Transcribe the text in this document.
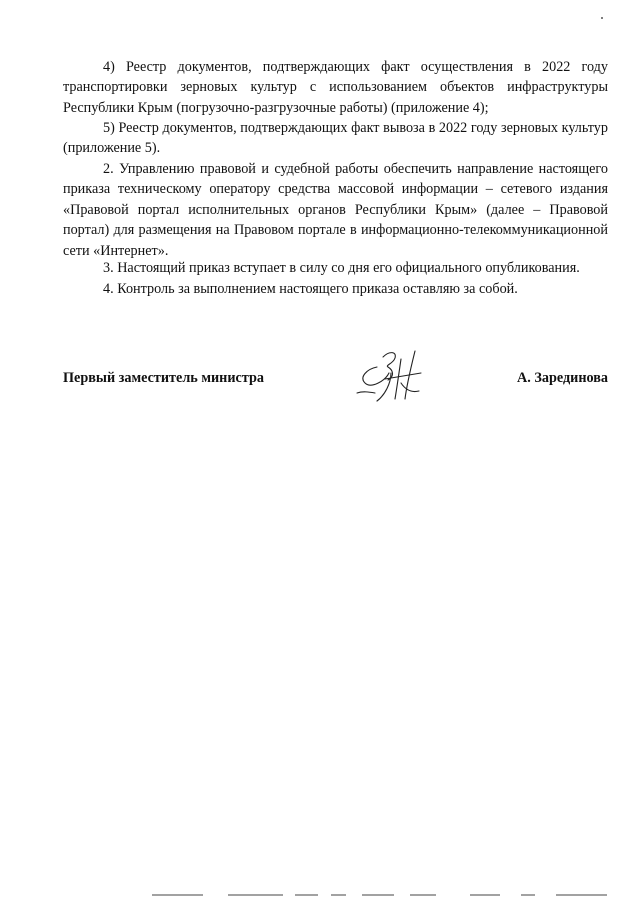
4) Реестр документов, подтверждающих факт осуществления в 2022 году транспортировки зерновых культур с использованием объектов инфраструктуры Республики Крым (погрузочно-разгрузочные работы) (приложение 4);

5) Реестр документов, подтверждающих факт вывоза в 2022 году зерновых культур (приложение 5).

2. Управлению правовой и судебной работы обеспечить направление настоящего приказа техническому оператору средства массовой информации – сетевого издания «Правовой портал исполнительных органов Республики Крым» (далее – Правовой портал) для размещения на Правовом портале в информационно-телекоммуникационной сети «Интернет».

3. Настоящий приказ вступает в силу со дня его официального опубликования.

4. Контроль за выполнением настоящего приказа оставляю за собой.

Первый заместитель министра	А. Зарединова
